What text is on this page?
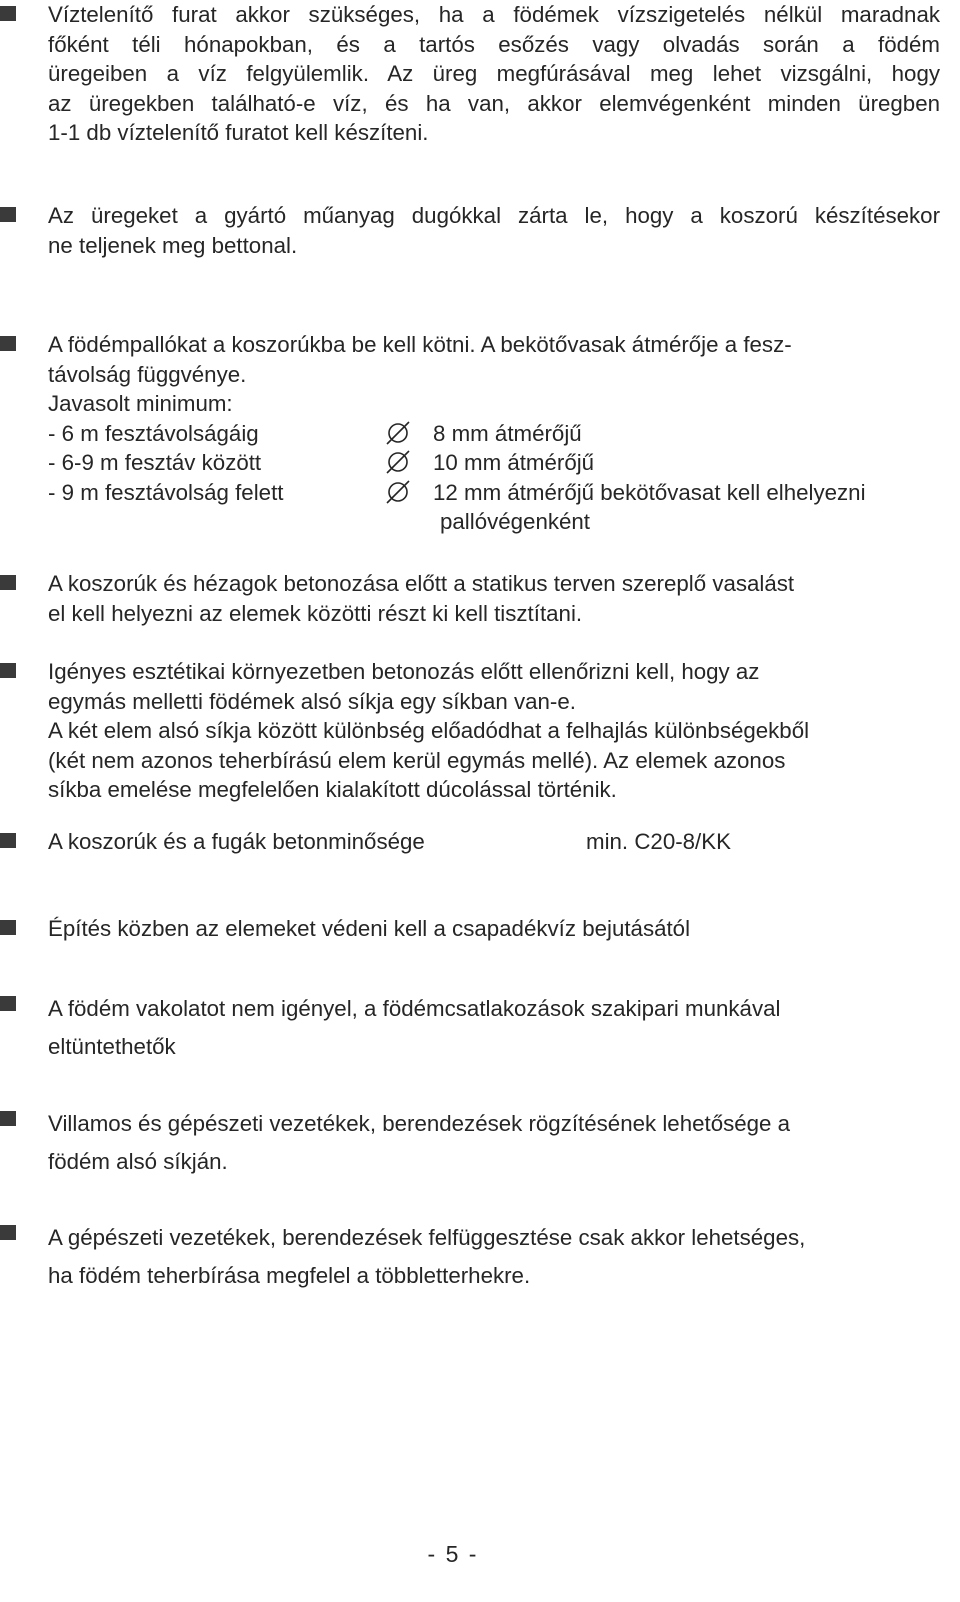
Víztelenítő furat akkor szükséges, ha a födémek vízszigetelés nélkül maradnak
főként téli hónapokban, és a tartós esőzés vagy olvadás során a födém
üregeiben a víz felgyülemlik. Az üreg megfúrásával meg lehet vizsgálni, hogy
az üregekben található-e víz, és ha van, akkor elemvégenként minden üregben
1-1 db víztelenítő furatot kell készíteni.
Az üregeket a gyártó műanyag dugókkal zárta le, hogy a koszorú készítésekor
ne teljenek meg bettonal.
A födémpallókat a koszorúkba be kell kötni. A bekötővasak átmérője a fesz-
távolság függvénye.
Javasolt minimum:
- 6 m fesztávolságáig	8 mm átmérőjű
- 6-9 m fesztáv között	10 mm átmérőjű
- 9 m fesztávolság felett	12 mm átmérőjű bekötővasat kell elhelyezni
pallóvégenként
A koszorúk és hézagok betonozása előtt a statikus terven szereplő vasalást
el kell helyezni az elemek közötti részt ki kell tisztítani.
Igényes esztétikai környezetben betonozás előtt ellenőrizni kell, hogy az
egymás melletti födémek alsó síkja egy síkban van-e.
A két elem alsó síkja között különbség előadódhat a felhajlás különbségekből
(két nem azonos teherbírású elem kerül egymás mellé). Az elemek azonos
síkba emelése megfelelően kialakított dúcolással történik.
A koszorúk és a fugák betonminősége	min. C20-8/KK
Építés közben az elemeket védeni kell a csapadékvíz bejutásától
A födém vakolatot nem igényel, a födémcsatlakozások szakipari munkával
eltüntethetők
Villamos és gépészeti vezetékek, berendezések rögzítésének lehetősége a
födém alsó síkján.
A gépészeti vezetékek, berendezések felfüggesztése csak akkor lehetséges,
ha födém teherbírása megfelel a többletterhekre.
- 5 -
